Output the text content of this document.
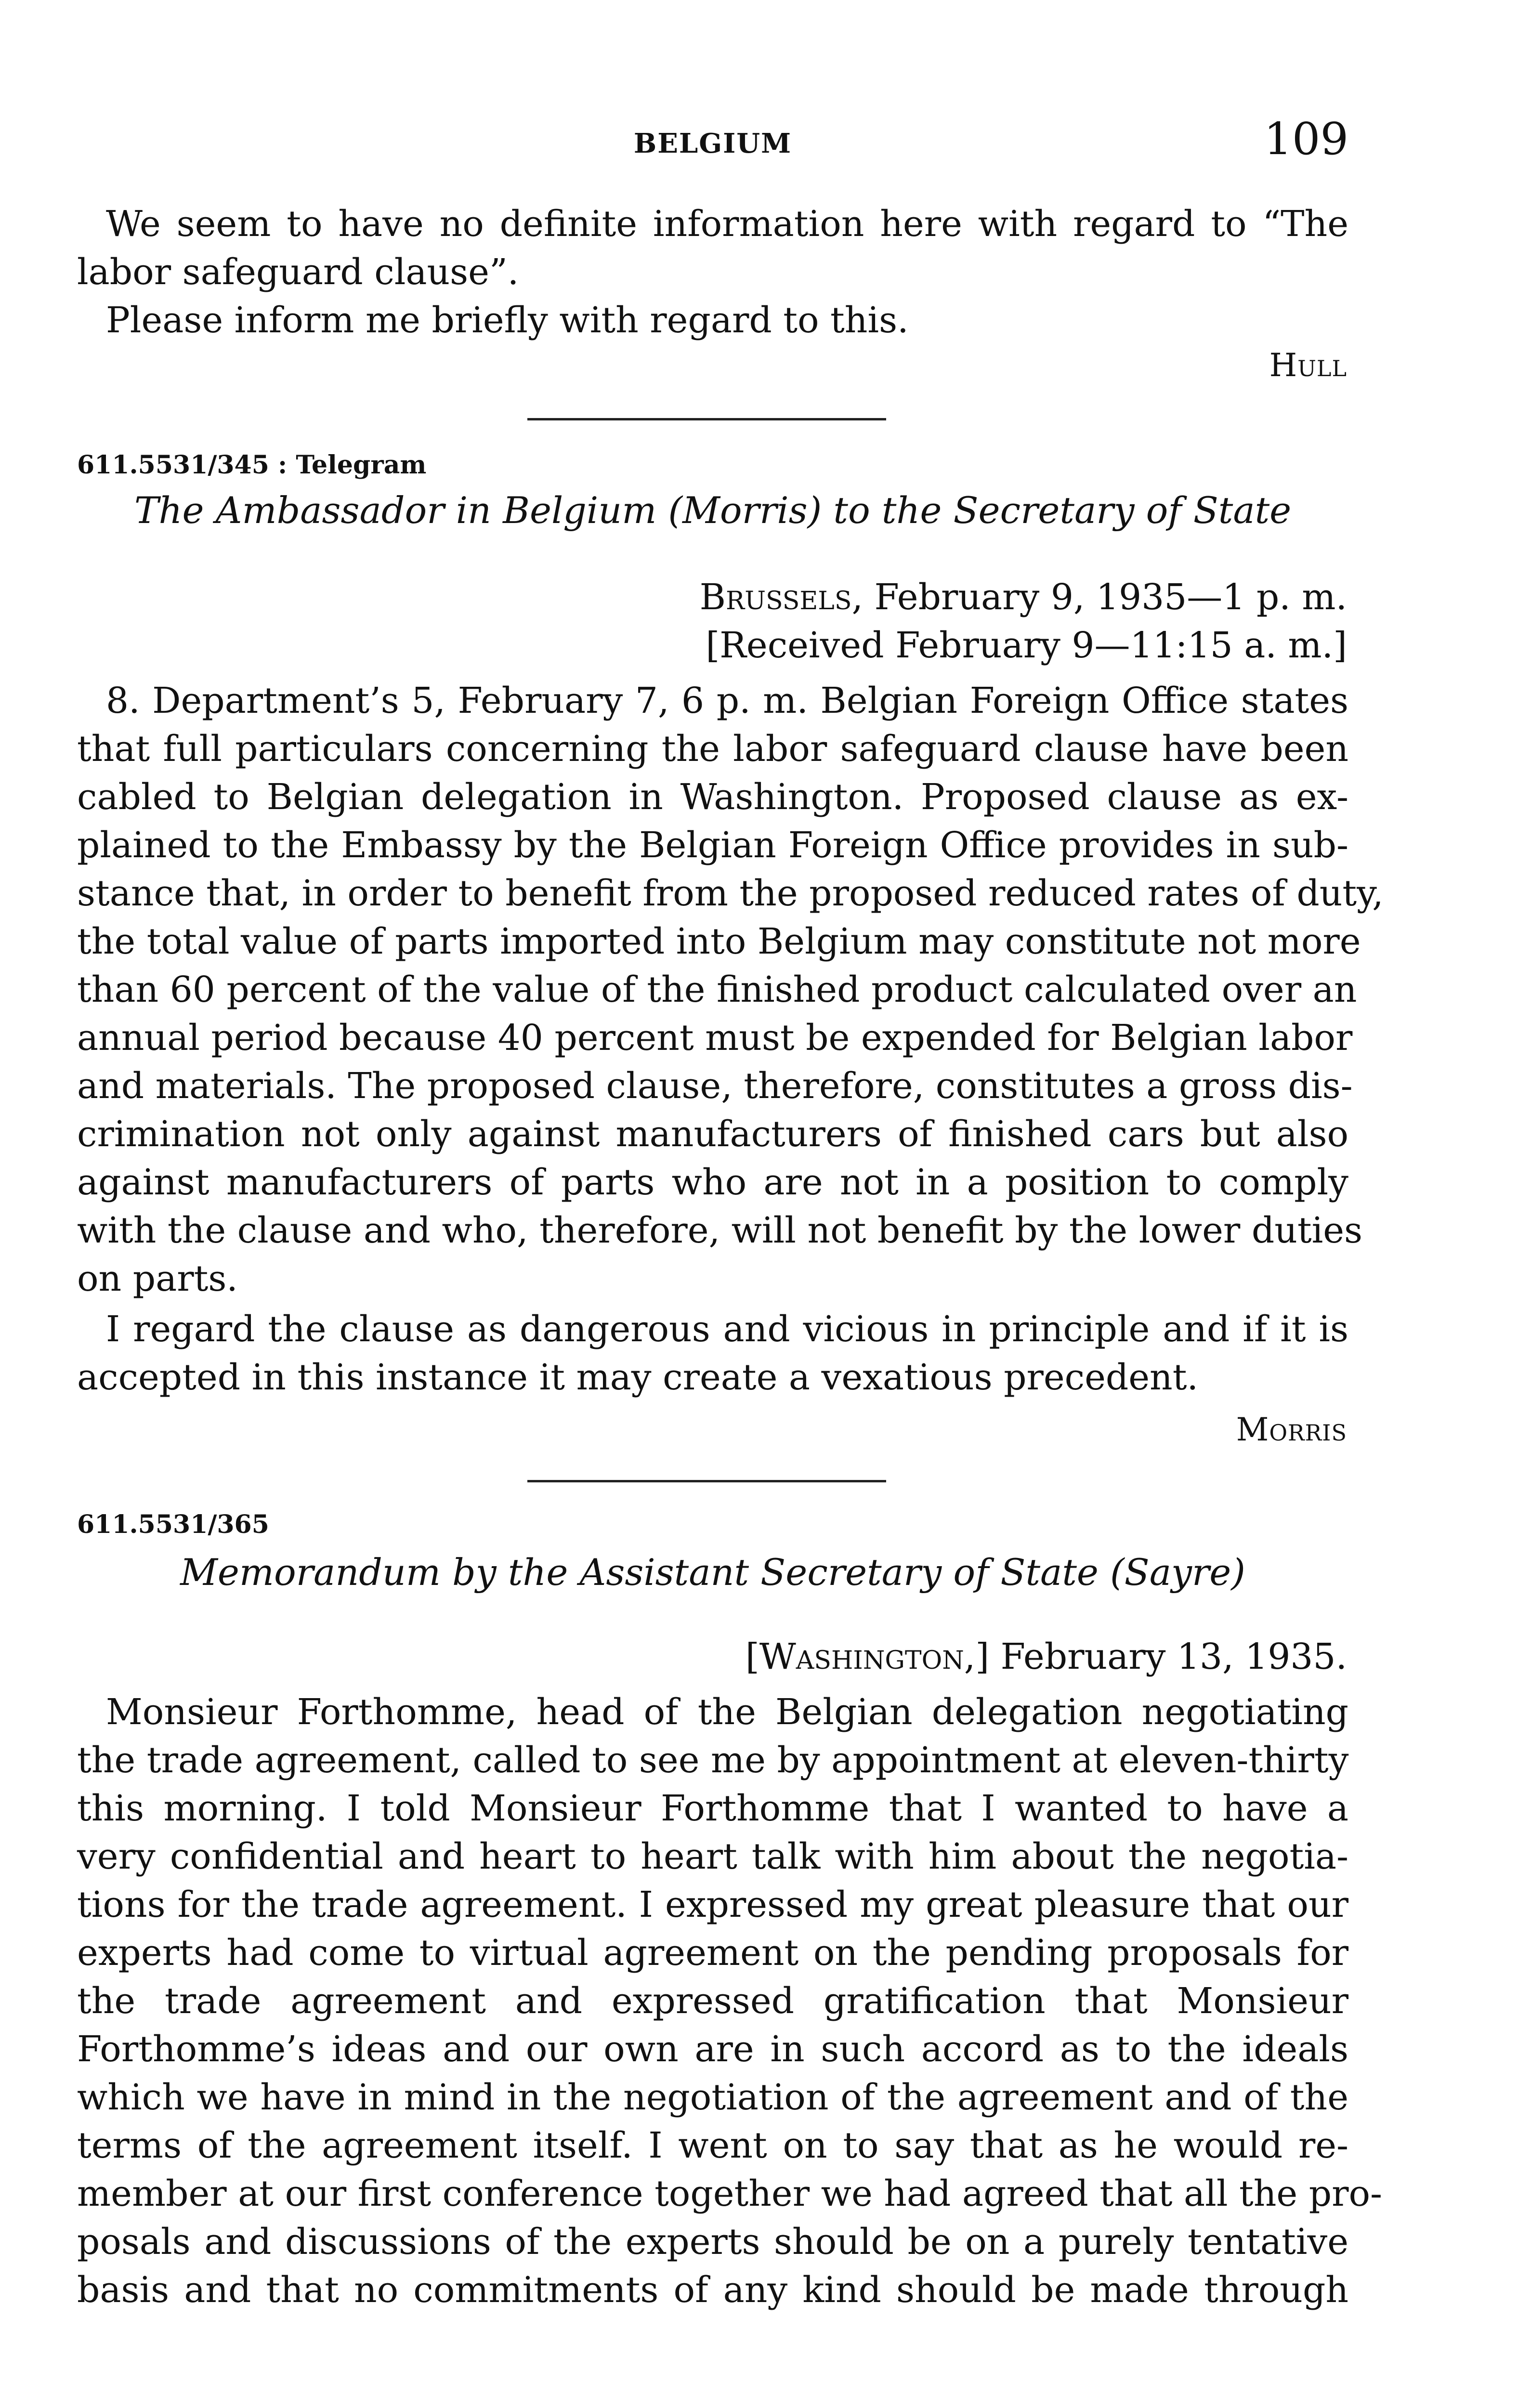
BELGIUM	109
We seem to have no definite information here with regard to “The
labor safeguard clause”.
Please inform me briefly with regard to this.
Hull
611.5531/345 : Telegram
The Ambassador in Belgium (Morris) to the Secretary of State
Brussels, February 9, 1935—1 p. m.
[Received February 9—11:15 a. m.]
8. Department’s 5, February 7, 6 p. m. Belgian Foreign Office states
that full particulars concerning the labor safeguard clause have been
cabled to Belgian delegation in Washington. Proposed clause as ex-
plained to the Embassy by the Belgian Foreign Office provides in sub-
stance that, in order to benefit from the proposed reduced rates of duty,
the total value of parts imported into Belgium may constitute not more
than 60 percent of the value of the finished product calculated over an
annual period because 40 percent must be expended for Belgian labor
and materials. The proposed clause, therefore, constitutes a gross dis-
crimination not only against manufacturers of finished cars but also
against manufacturers of parts who are not in a position to comply
with the clause and who, therefore, will not benefit by the lower duties
on parts.
I regard the clause as dangerous and vicious in principle and if it is
accepted in this instance it may create a vexatious precedent.
Morris
611.5531/365
Memorandum by the Assistant Secretary of State (Sayre)
[Washington,] February 13, 1935.
Monsieur Forthomme, head of the Belgian delegation negotiating
the trade agreement, called to see me by appointment at eleven-thirty
this morning. I told Monsieur Forthomme that I wanted to have a
very confidential and heart to heart talk with him about the negotia-
tions for the trade agreement. I expressed my great pleasure that our
experts had come to virtual agreement on the pending proposals for
the trade agreement and expressed gratification that Monsieur
Forthomme’s ideas and our own are in such accord as to the ideals
which we have in mind in the negotiation of the agreement and of the
terms of the agreement itself. I went on to say that as he would re-
member at our first conference together we had agreed that all the pro-
posals and discussions of the experts should be on a purely tentative
basis and that no commitments of any kind should be made through
